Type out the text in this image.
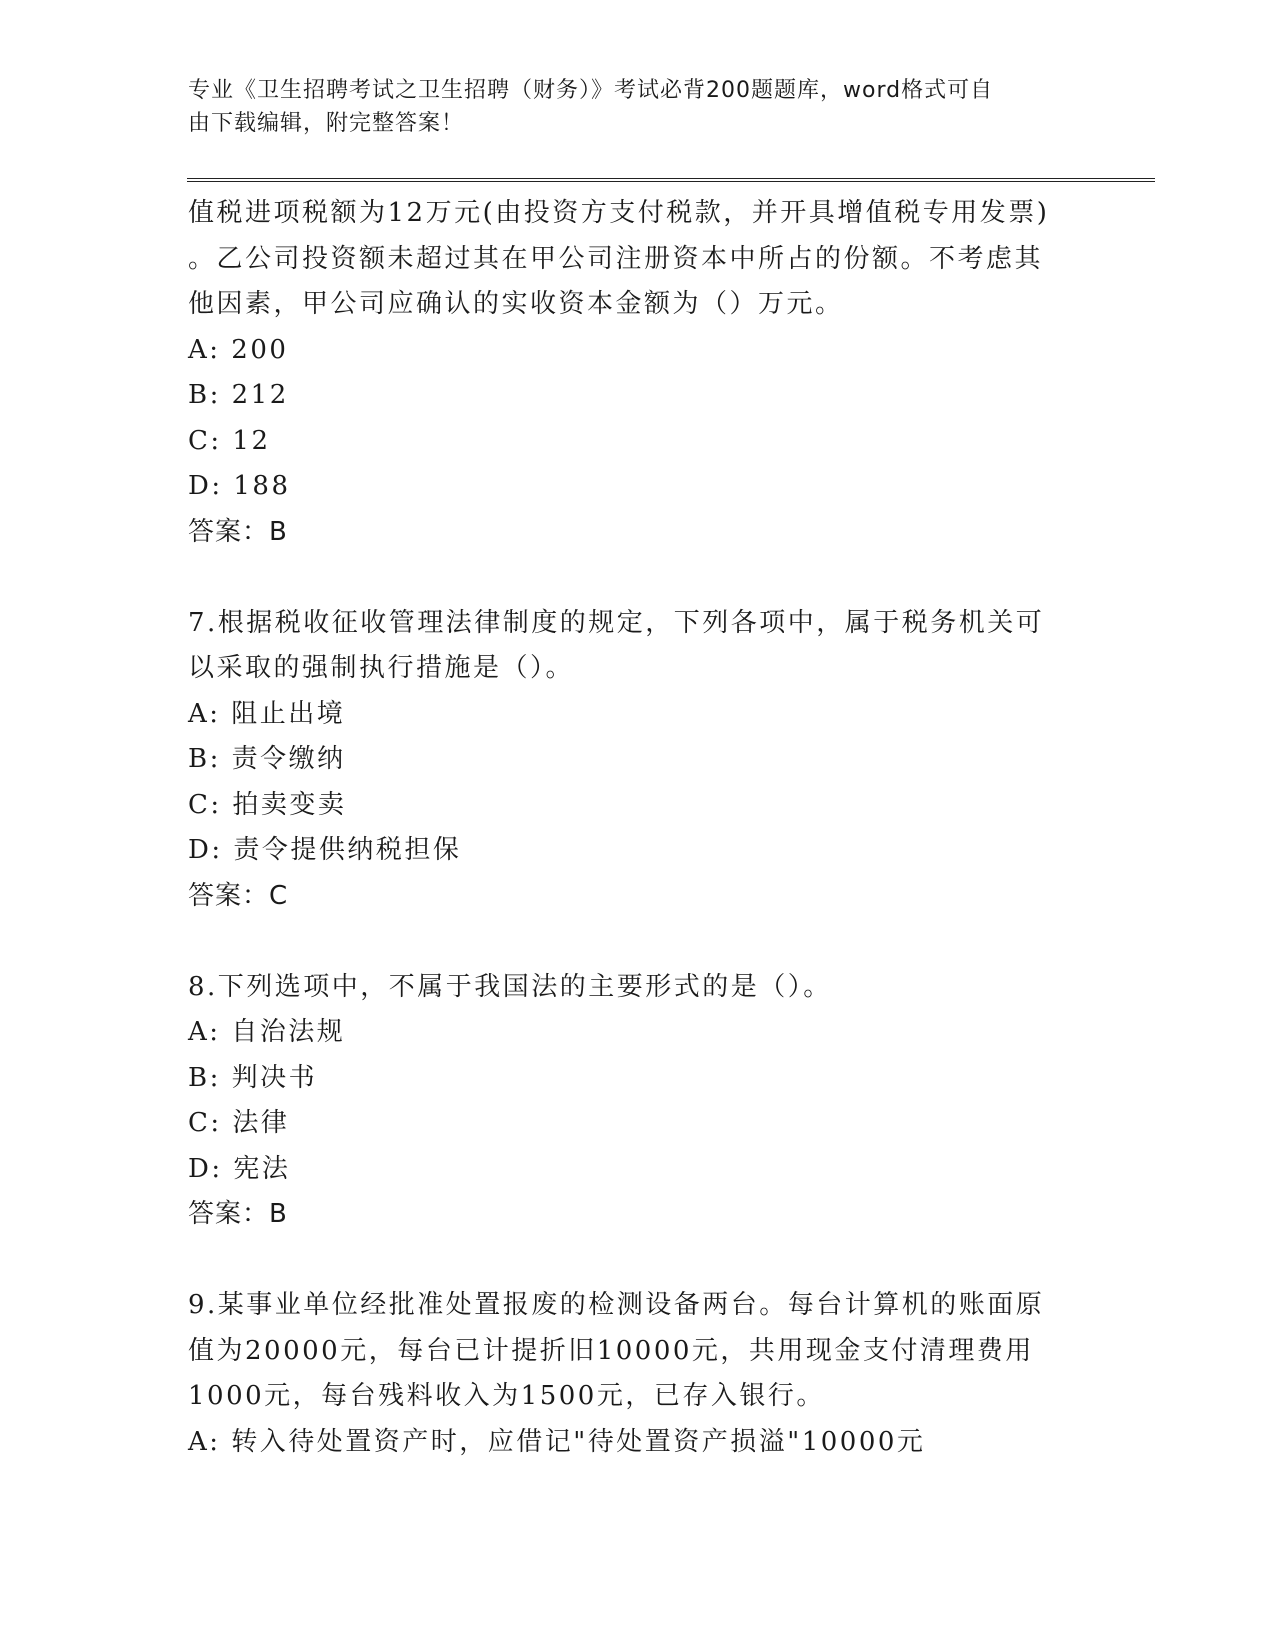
专业《卫生招聘考试之卫生招聘（财务）》考试必背200题题库，word格式可自
由下载编辑，附完整答案！
值税进项税额为12万元(由投资方支付税款，并开具增值税专用发票)
。乙公司投资额未超过其在甲公司注册资本中所占的份额。不考虑其
他因素，甲公司应确认的实收资本金额为（）万元。
A: 200
B: 212
C: 12
D: 188
答案：B
7.根据税收征收管理法律制度的规定，下列各项中，属于税务机关可
以采取的强制执行措施是（）。
A: 阻止出境
B: 责令缴纳
C: 拍卖变卖
D: 责令提供纳税担保
答案：C
8.下列选项中，不属于我国法的主要形式的是（）。
A: 自治法规
B: 判决书
C: 法律
D: 宪法
答案：B
9.某事业单位经批准处置报废的检测设备两台。每台计算机的账面原
值为20000元，每台已计提折旧10000元，共用现金支付清理费用
1000元，每台残料收入为1500元，已存入银行。
A: 转入待处置资产时，应借记"待处置资产损溢"10000元
